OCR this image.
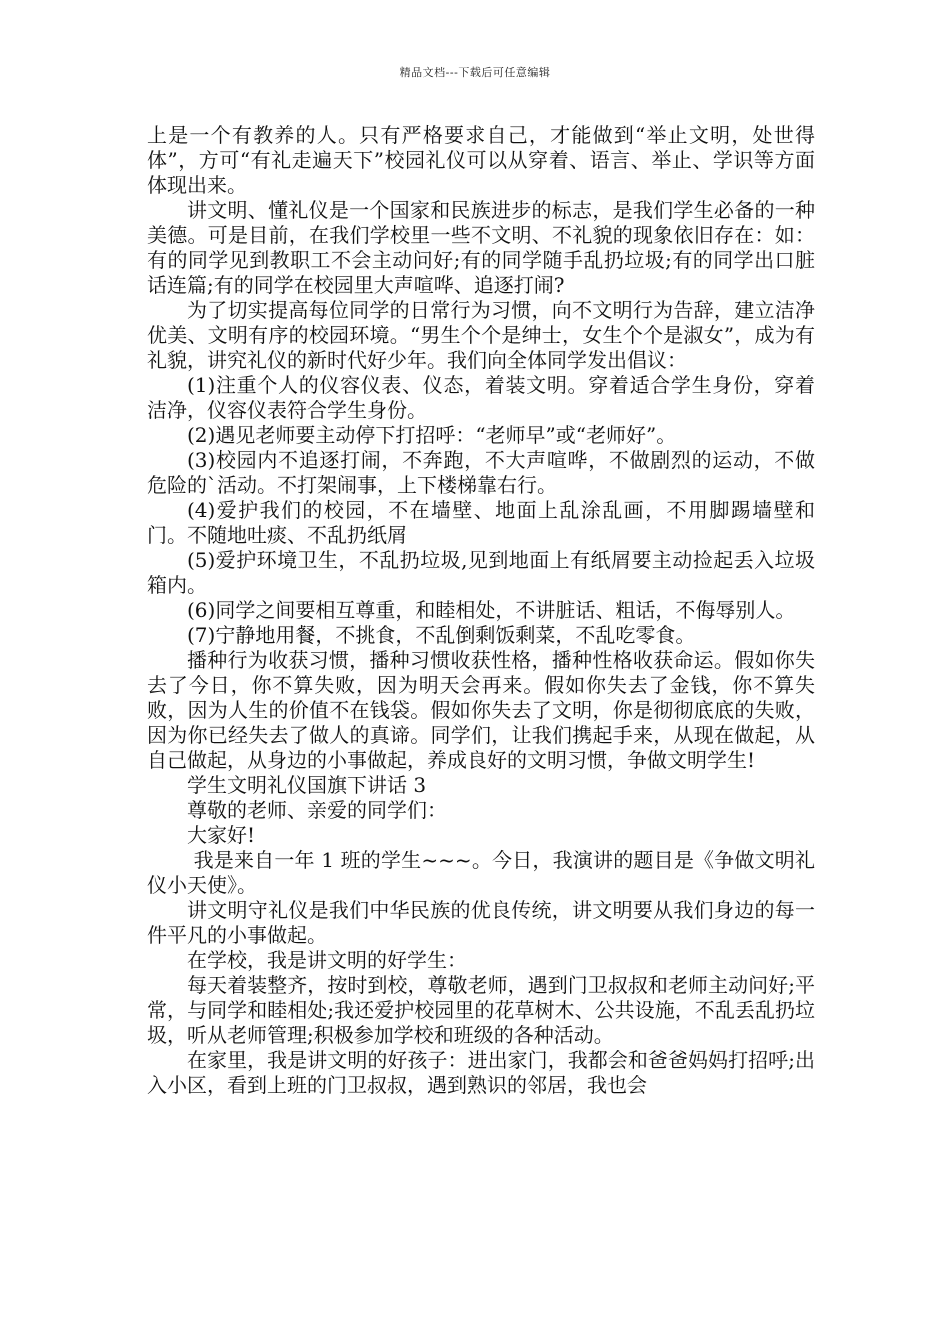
精品文档---下载后可任意编辑

上是一个有教养的人。只有严格要求自己，才能做到“举止文明，处世得体”，方可“有礼走遍天下”校园礼仪可以从穿着、语言、举止、学识等方面体现出来。

讲文明、懂礼仪是一个国家和民族进步的标志，是我们学生必备的一种美德。可是目前，在我们学校里一些不文明、不礼貌的现象依旧存在：如：有的同学见到教职工不会主动问好;有的同学随手乱扔垃圾;有的同学出口脏话连篇;有的同学在校园里大声喧哗、追逐打闹?

为了切实提高每位同学的日常行为习惯，向不文明行为告辞，建立洁净优美、文明有序的校园环境。“男生个个是绅士，女生个个是淑女”，成为有礼貌，讲究礼仪的新时代好少年。我们向全体同学发出倡议：

(1)注重个人的仪容仪表、仪态，着装文明。穿着适合学生身份，穿着洁净，仪容仪表符合学生身份。

(2)遇见老师要主动停下打招呼：“老师早”或“老师好”。

(3)校园内不追逐打闹，不奔跑，不大声喧哗，不做剧烈的运动，不做危险的`活动。不打架闹事，上下楼梯靠右行。

(4)爱护我们的校园，不在墙壁、地面上乱涂乱画，不用脚踢墙壁和门。不随地吐痰、不乱扔纸屑

(5)爱护环境卫生，不乱扔垃圾,见到地面上有纸屑要主动捡起丢入垃圾箱内。

(6)同学之间要相互尊重，和睦相处，不讲脏话、粗话，不侮辱别人。

(7)宁静地用餐，不挑食，不乱倒剩饭剩菜，不乱吃零食。

播种行为收获习惯，播种习惯收获性格，播种性格收获命运。假如你失去了今日，你不算失败，因为明天会再来。假如你失去了金钱，你不算失败，因为人生的价值不在钱袋。假如你失去了文明，你是彻彻底底的失败，因为你已经失去了做人的真谛。同学们，让我们携起手来，从现在做起，从自己做起，从身边的小事做起，养成良好的文明习惯，争做文明学生!

学生文明礼仪国旗下讲话 3

尊敬的老师、亲爱的同学们：

大家好!

我是来自一年 1 班的学生~~~。今日，我演讲的题目是《争做文明礼仪小天使》。

讲文明守礼仪是我们中华民族的优良传统，讲文明要从我们身边的每一件平凡的小事做起。

在学校，我是讲文明的好学生：

每天着装整齐，按时到校，尊敬老师，遇到门卫叔叔和老师主动问好;平常，与同学和睦相处;我还爱护校园里的花草树木、公共设施，不乱丢乱扔垃圾，听从老师管理;积极参加学校和班级的各种活动。

在家里，我是讲文明的好孩子：进出家门，我都会和爸爸妈妈打招呼;出入小区，看到上班的门卫叔叔，遇到熟识的邻居，我也会
